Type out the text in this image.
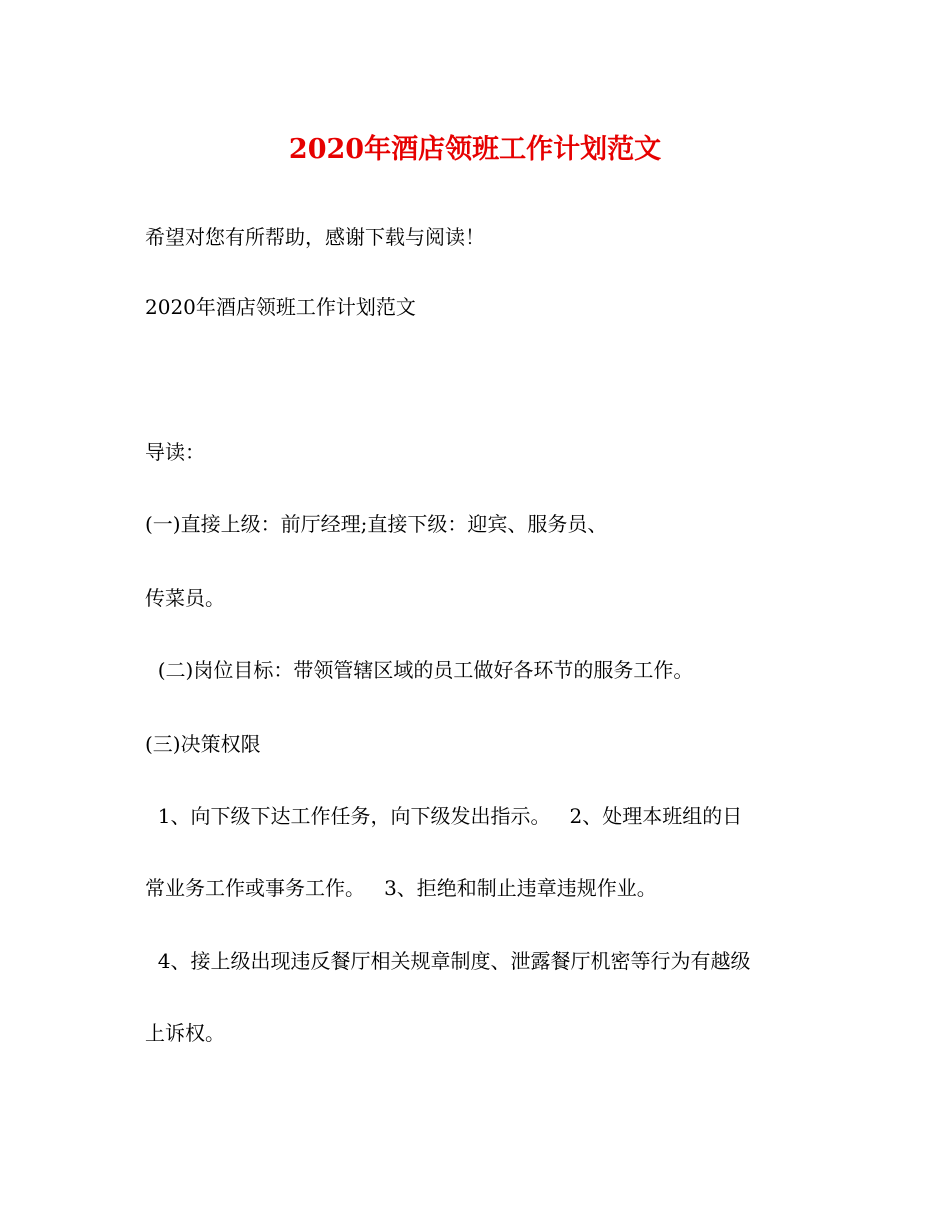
2020年酒店领班工作计划范文
希望对您有所帮助，感谢下载与阅读！
2020年酒店领班工作计划范文
导读：
(一)直接上级：前厅经理;直接下级：迎宾、服务员、
传菜员。
(二)岗位目标：带领管辖区域的员工做好各环节的服务工作。
(三)决策权限
1、向下级下达工作任务，向下级发出指示。   2、处理本班组的日
常业务工作或事务工作。   3、拒绝和制止违章违规作业。
4、接上级出现违反餐厅相关规章制度、泄露餐厅机密等行为有越级
上诉权。
